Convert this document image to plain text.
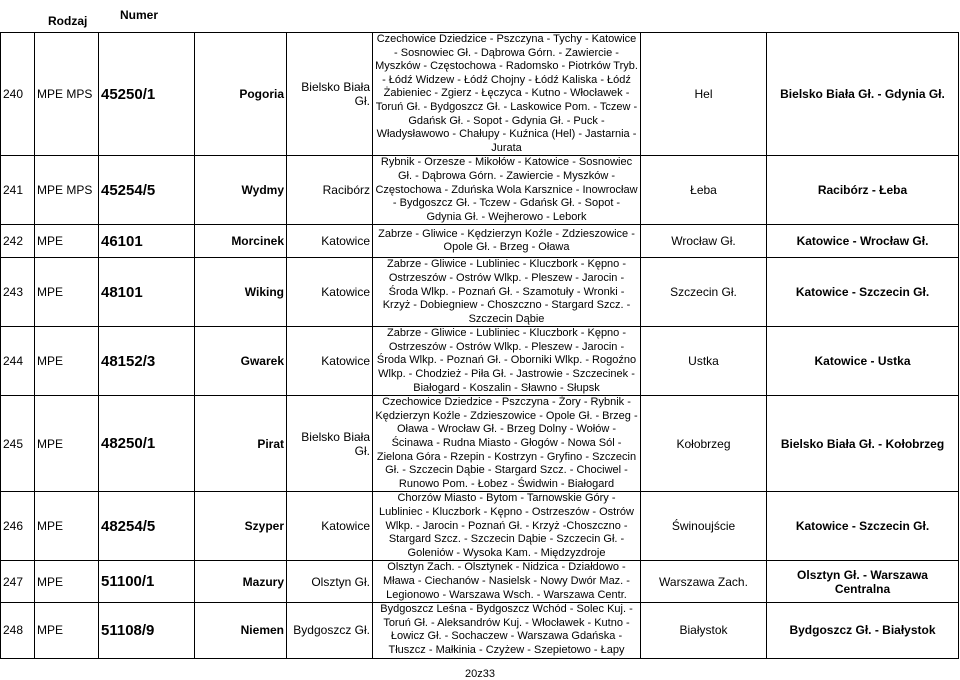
Rodzaj	Numer
240	MPE MPS	45250/1	Pogoria	Bielsko Biała Gł.	Czechowice Dziedzice - Pszczyna - Tychy - Katowice - Sosnowiec Gł. - Dąbrowa Górn. - Zawiercie - Myszków - Częstochowa - Radomsko - Piotrków Tryb. - Łódź Widzew - Łódź Chojny - Łódź Kaliska - Łódź Żabieniec - Zgierz - Łęczyca - Kutno - Włocławek - Toruń Gł. - Bydgoszcz Gł. - Laskowice Pom. - Tczew - Gdańsk Gł. - Sopot - Gdynia Gł. - Puck - Władysławowo - Chałupy - Kuźnica (Hel) - Jastarnia - Jurata	Hel	Bielsko Biała Gł. - Gdynia Gł.
241	MPE MPS	45254/5	Wydmy	Racibórz	Rybnik - Orzesze - Mikołów - Katowice - Sosnowiec Gł. - Dąbrowa Górn. - Zawiercie - Myszków - Częstochowa - Zduńska Wola Karsznice - Inowrocław - Bydgoszcz Gł. - Tczew - Gdańsk Gł. - Sopot - Gdynia Gł. - Wejherowo - Lebork	Łeba	Racibórz - Łeba
242	MPE	46101	Morcinek	Katowice	Zabrze - Gliwice - Kędzierzyn Koźle - Zdzieszowice - Opole Gł. - Brzeg - Oława	Wrocław Gł.	Katowice - Wrocław Gł.
243	MPE	48101	Wiking	Katowice	Zabrze - Gliwice - Lubliniec - Kluczbork - Kępno - Ostrzeszów - Ostrów Wlkp. - Pleszew - Jarocin - Środa Wlkp. - Poznań Gł. - Szamotuły - Wronki - Krzyż - Dobiegniew - Choszczno - Stargard Szcz. - Szczecin Dąbie	Szczecin Gł.	Katowice - Szczecin Gł.
244	MPE	48152/3	Gwarek	Katowice	Zabrze - Gliwice - Lubliniec - Kluczbork - Kępno - Ostrzeszów - Ostrów Wlkp. - Pleszew - Jarocin - Środa Wlkp. - Poznań Gł. - Oborniki Wlkp. - Rogoźno Wlkp. - Chodzież - Piła Gł. - Jastrowie - Szczecinek - Białogard - Koszalin - Sławno - Słupsk	Ustka	Katowice - Ustka
245	MPE	48250/1	Pirat	Bielsko Biała Gł.	Czechowice Dziedzice - Pszczyna - Żory - Rybnik - Kędzierzyn Koźle - Zdzieszowice - Opole Gł. - Brzeg - Oława - Wrocław Gł. - Brzeg Dolny - Wołów - Ścinawa - Rudna Miasto - Głogów - Nowa Sól - Zielona Góra - Rzepin - Kostrzyn - Gryfino - Szczecin Gł. - Szczecin Dąbie - Stargard Szcz. - Chociwel - Runowo Pom. - Łobez - Świdwin - Białogard	Kołobrzeg	Bielsko Biała Gł. - Kołobrzeg
246	MPE	48254/5	Szyper	Katowice	Chorzów Miasto - Bytom - Tarnowskie Góry - Lubliniec - Kluczbork - Kępno - Ostrzeszów - Ostrów Wlkp. - Jarocin - Poznań Gł. - Krzyż -Choszczno - Stargard Szcz. - Szczecin Dąbie - Szczecin Gł. - Goleniów - Wysoka Kam. - Międzyzdroje	Świnoujście	Katowice - Szczecin Gł.
247	MPE	51100/1	Mazury	Olsztyn Gł.	Olsztyn Zach. - Olsztynek - Nidzica - Działdowo - Mława - Ciechanów - Nasielsk - Nowy Dwór Maz. - Legionowo - Warszawa Wsch. - Warszawa Centr.	Warszawa Zach.	Olsztyn Gł. - Warszawa Centralna
248	MPE	51108/9	Niemen	Bydgoszcz Gł.	Bydgoszcz Leśna - Bydgoszcz Wchód - Solec Kuj. - Toruń Gł. - Aleksandrów Kuj. - Włocławek - Kutno - Łowicz Gł. - Sochaczew - Warszawa Gdańska - Tłuszcz - Małkinia - Czyżew - Szepietowo - Łapy	Białystok	Bydgoszcz Gł. - Białystok
20z33
